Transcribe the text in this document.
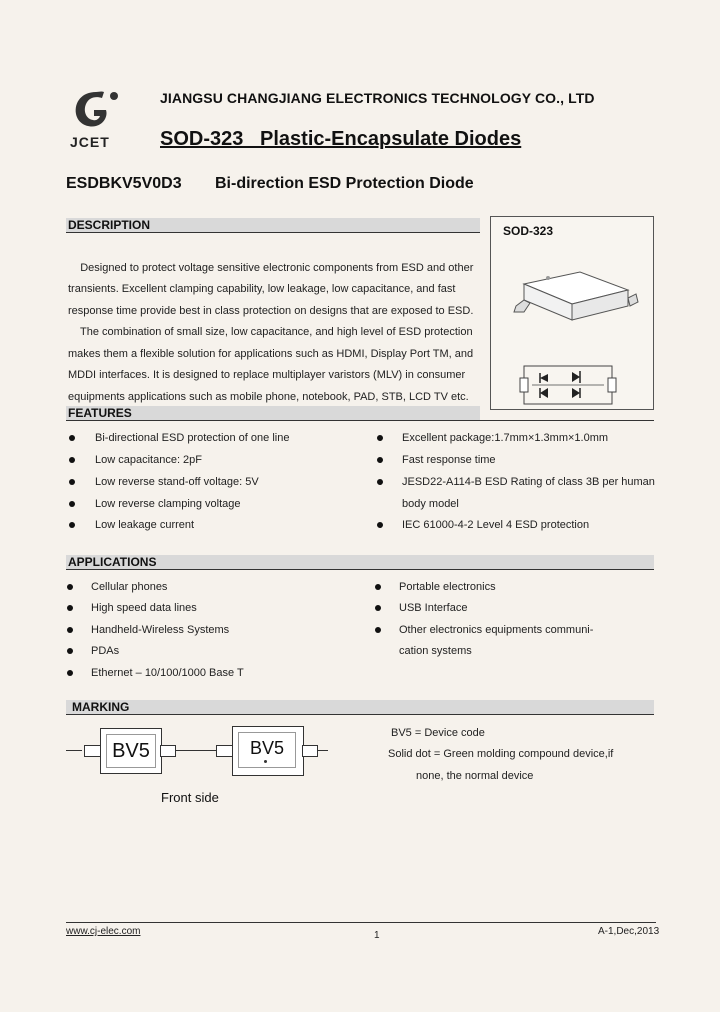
JCET
JIANGSU CHANGJIANG ELECTRONICS TECHNOLOGY CO., LTD
SOD-323   Plastic-Encapsulate Diodes
ESDBKV5V0D3 Bi-direction ESD Protection Diode
DESCRIPTION

Designed to protect voltage sensitive electronic components from ESD and other
transients. Excellent clamping capability, low leakage, low capacitance, and fast
response time provide best in class protection on designs that are exposed to ESD.
The combination of small size, low capacitance, and high level of ESD protection
makes them a flexible solution for applications such as HDMI, Display Port TM, and
MDDI interfaces. It is designed to replace multiplayer varistors (MLV) in consumer
equipments applications such as mobile phone, notebook, PAD, STB, LCD TV etc.

SOD-323
FEATURES
Bi-directional ESD protection of one line
Low capacitance: 2pF
Low reverse stand-off voltage: 5V
Low reverse clamping voltage
Low leakage current
Excellent package:1.7mm×1.3mm×1.0mm
Fast response time
JESD22-A114-B ESD Rating of class 3B per human
body model
IEC 61000-4-2 Level 4 ESD protection
APPLICATIONS
Cellular phones
High speed data lines
Handheld-Wireless Systems
PDAs
Ethernet – 10/100/1000 Base T
Portable electronics
USB Interface
Other electronics equipments communi-
cation systems
MARKING
BV5	BV5
Front side
BV5 = Device code
Solid dot = Green molding compound device,if
none, the normal device
www.cj-elec.com	1	A-1,Dec,2013
